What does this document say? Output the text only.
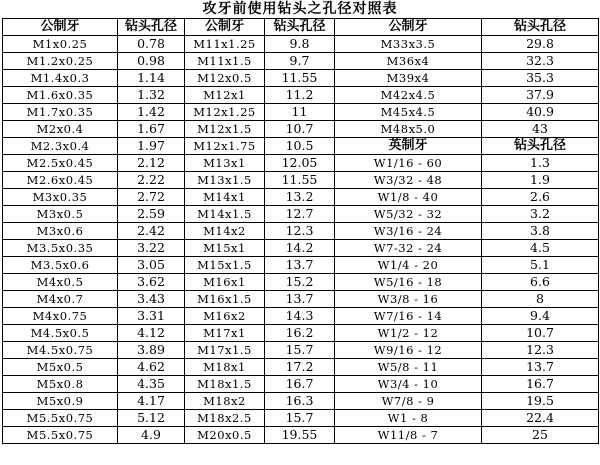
攻牙前使用钻头之孔径对照表
公制牙	钻头孔径	公制牙	钻头孔径	公制牙	钻头孔径
M1x0.25	0.78	M11x1.25	9.8	M33x3.5	29.8
M1.2x0.25	0.98	M11x1.5	9.7	M36x4	32.3
M1.4x0.3	1.14	M12x0.5	11.55	M39x4	35.3
M1.6x0.35	1.32	M12x1	11.2	M42x4.5	37.9
M1.7x0.35	1.42	M12x1.25	11	M45x4.5	40.9
M2x0.4	1.67	M12x1.5	10.7	M48x5.0	43
M2.3x0.4	1.97	M12x1.75	10.5	英制牙	钻头孔径
M2.5x0.45	2.12	M13x1	12.05	W1/16 - 60	1.3
M2.6x0.45	2.22	M13x1.5	11.55	W3/32 - 48	1.9
M3x0.35	2.72	M14x1	13.2	W1/8 - 40	2.6
M3x0.5	2.59	M14x1.5	12.7	W5/32 - 32	3.2
M3x0.6	2.42	M14x2	12.3	W3/16 - 24	3.8
M3.5x0.35	3.22	M15x1	14.2	W7-32 - 24	4.5
M3.5x0.6	3.05	M15x1.5	13.7	W1/4 - 20	5.1
M4x0.5	3.62	M16x1	15.2	W5/16 - 18	6.6
M4x0.7	3.43	M16x1.5	13.7	W3/8 - 16	8
M4x0.75	3.31	M16x2	14.3	W7/16 - 14	9.4
M4.5x0.5	4.12	M17x1	16.2	W1/2 - 12	10.7
M4.5x0.75	3.89	M17x1.5	15.7	W9/16 - 12	12.3
M5x0.5	4.62	M18x1	17.2	W5/8 - 11	13.7
M5x0.8	4.35	M18x1.5	16.7	W3/4 - 10	16.7
M5x0.9	4.17	M18x2	16.3	W7/8 - 9	19.5
M5.5x0.75	5.12	M18x2.5	15.7	W1 - 8	22.4
M5.5x0.75	4.9	M20x0.5	19.55	W11/8 - 7	25
